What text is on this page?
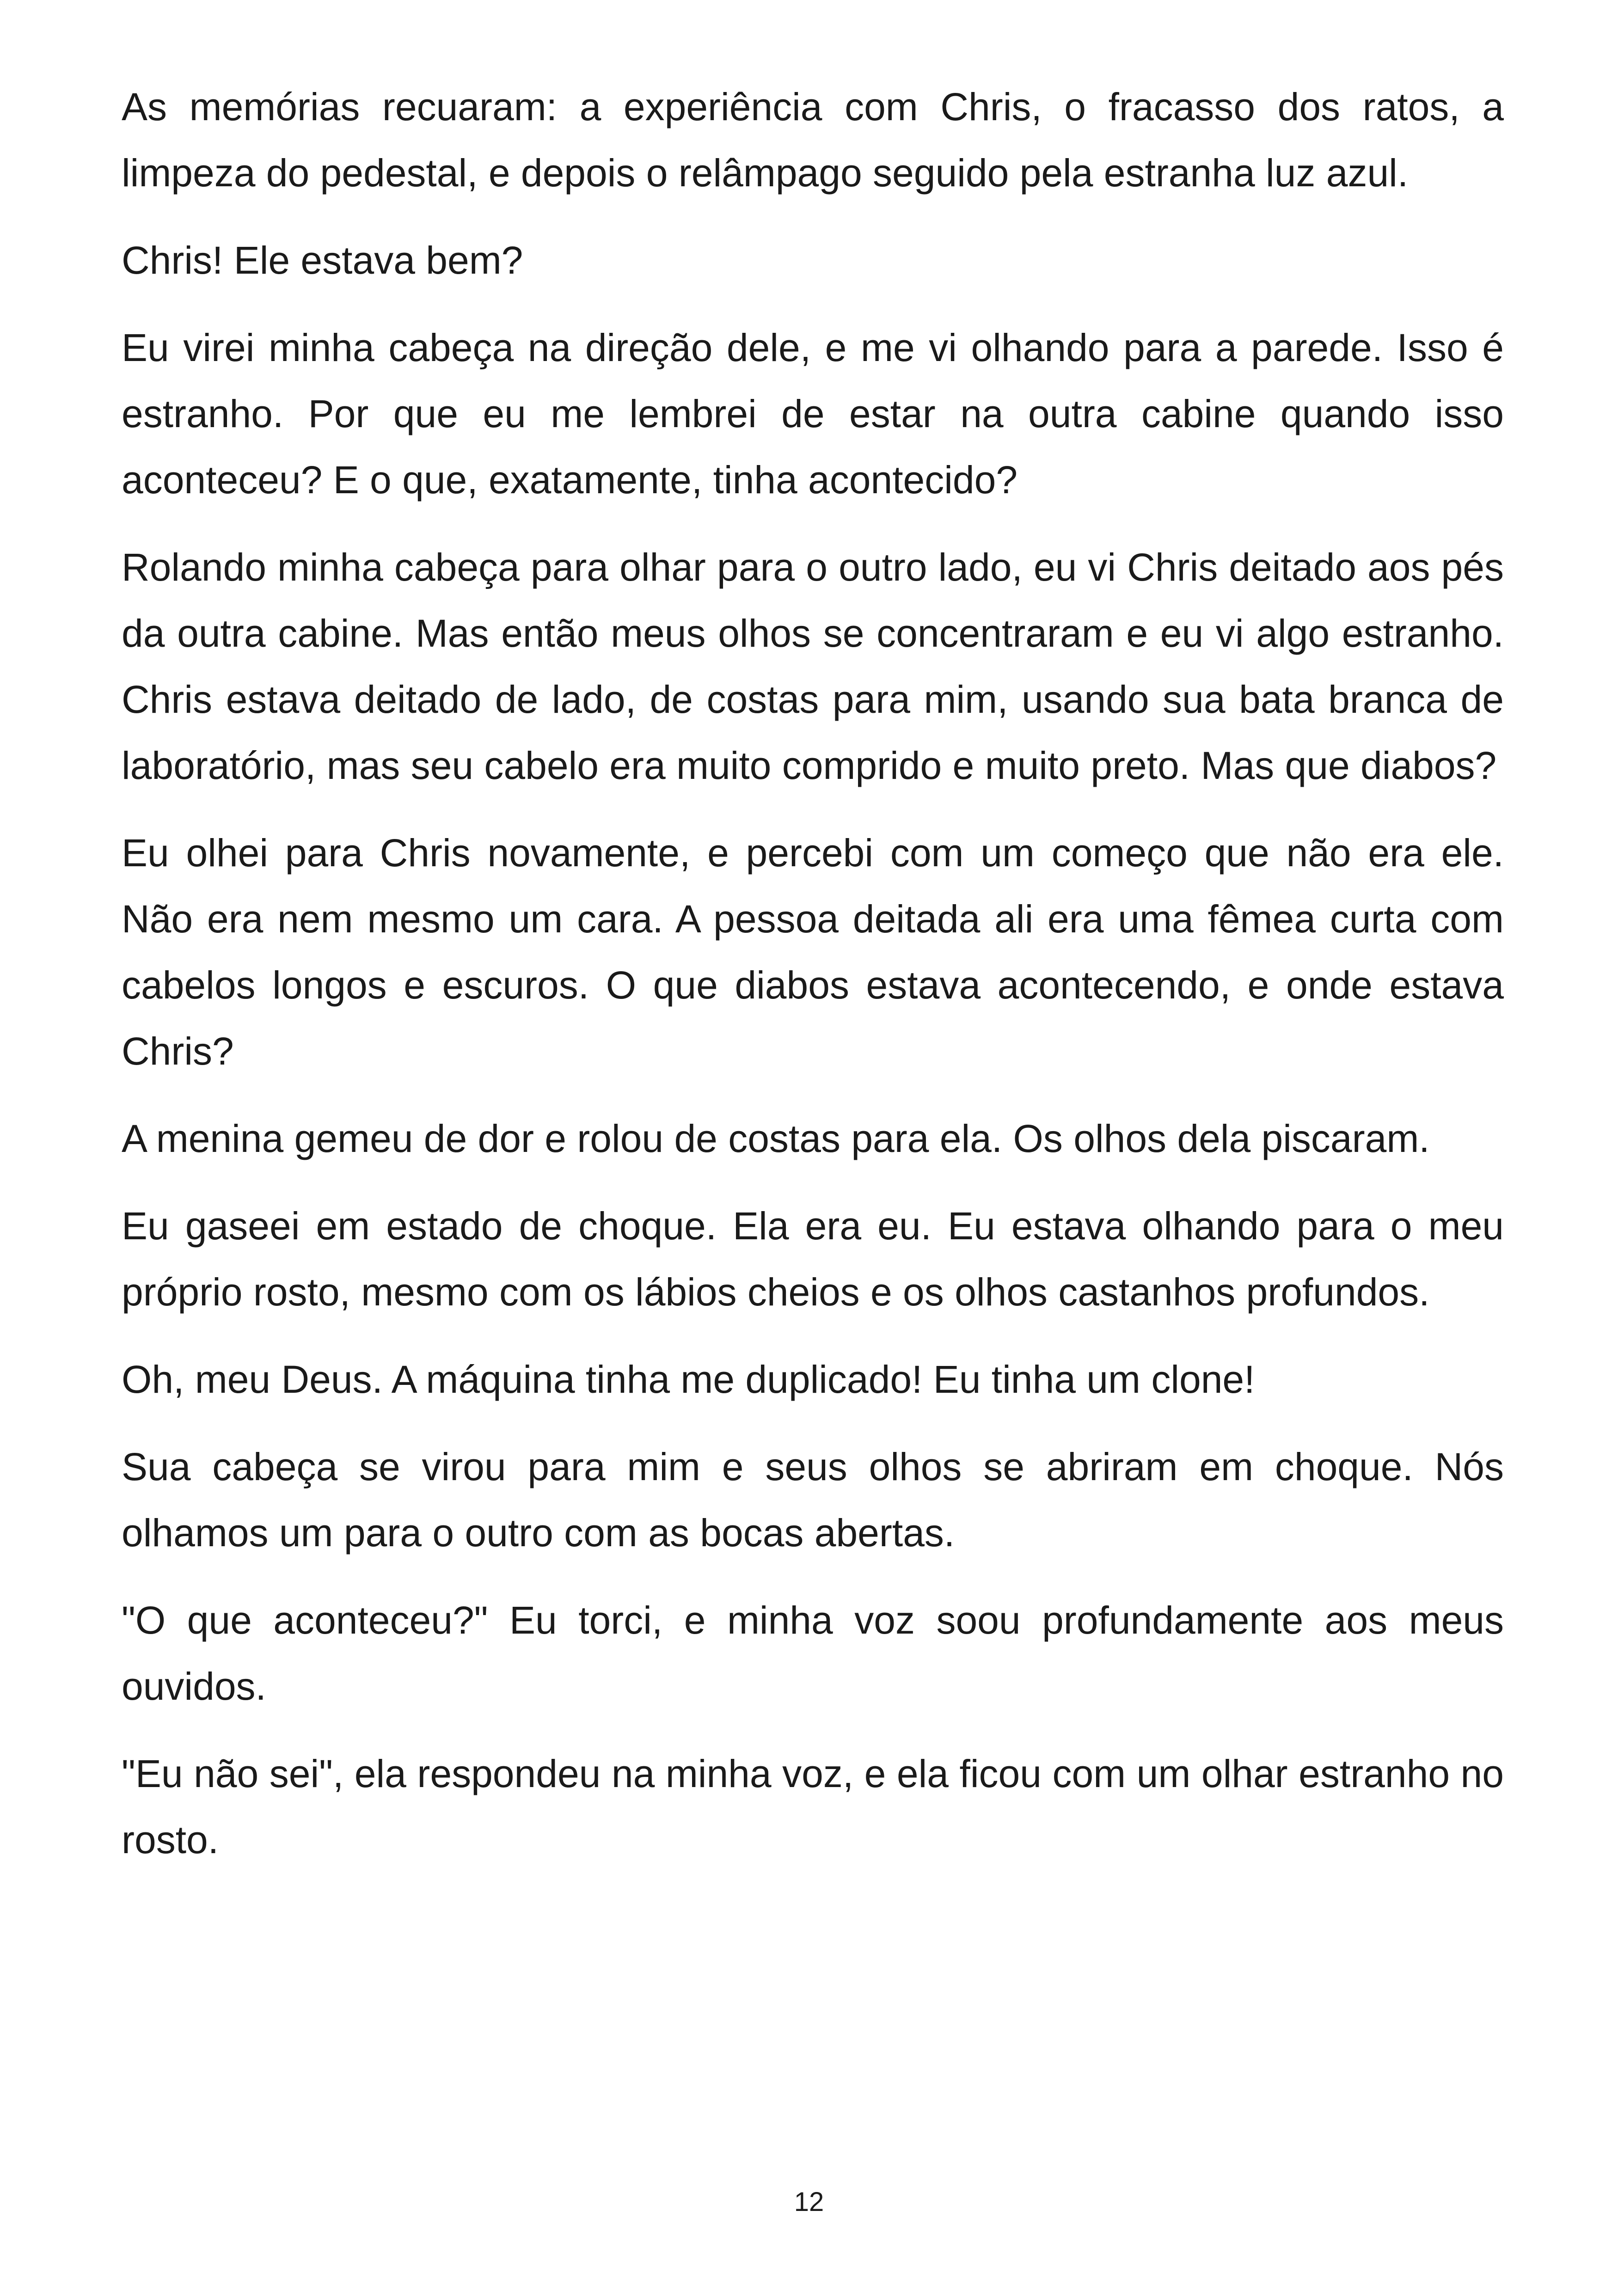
As memórias recuaram: a experiência com Chris, o fracasso dos ratos, a limpeza do pedestal, e depois o relâmpago seguido pela estranha luz azul.

Chris! Ele estava bem?

Eu virei minha cabeça na direção dele, e me vi olhando para a parede. Isso é estranho. Por que eu me lembrei de estar na outra cabine quando isso aconteceu? E o que, exatamente, tinha acontecido?

Rolando minha cabeça para olhar para o outro lado, eu vi Chris deitado aos pés da outra cabine. Mas então meus olhos se concentraram e eu vi algo estranho. Chris estava deitado de lado, de costas para mim, usando sua bata branca de laboratório, mas seu cabelo era muito comprido e muito preto. Mas que diabos?

Eu olhei para Chris novamente, e percebi com um começo que não era ele. Não era nem mesmo um cara. A pessoa deitada ali era uma fêmea curta com cabelos longos e escuros. O que diabos estava acontecendo, e onde estava Chris?

A menina gemeu de dor e rolou de costas para ela. Os olhos dela piscaram.

Eu gaseei em estado de choque. Ela era eu. Eu estava olhando para o meu próprio rosto, mesmo com os lábios cheios e os olhos castanhos profundos.

Oh, meu Deus. A máquina tinha me duplicado! Eu tinha um clone!

Sua cabeça se virou para mim e seus olhos se abriram em choque. Nós olhamos um para o outro com as bocas abertas.

"O que aconteceu?" Eu torci, e minha voz soou profundamente aos meus ouvidos.

"Eu não sei", ela respondeu na minha voz, e ela ficou com um olhar estranho no rosto.

12
